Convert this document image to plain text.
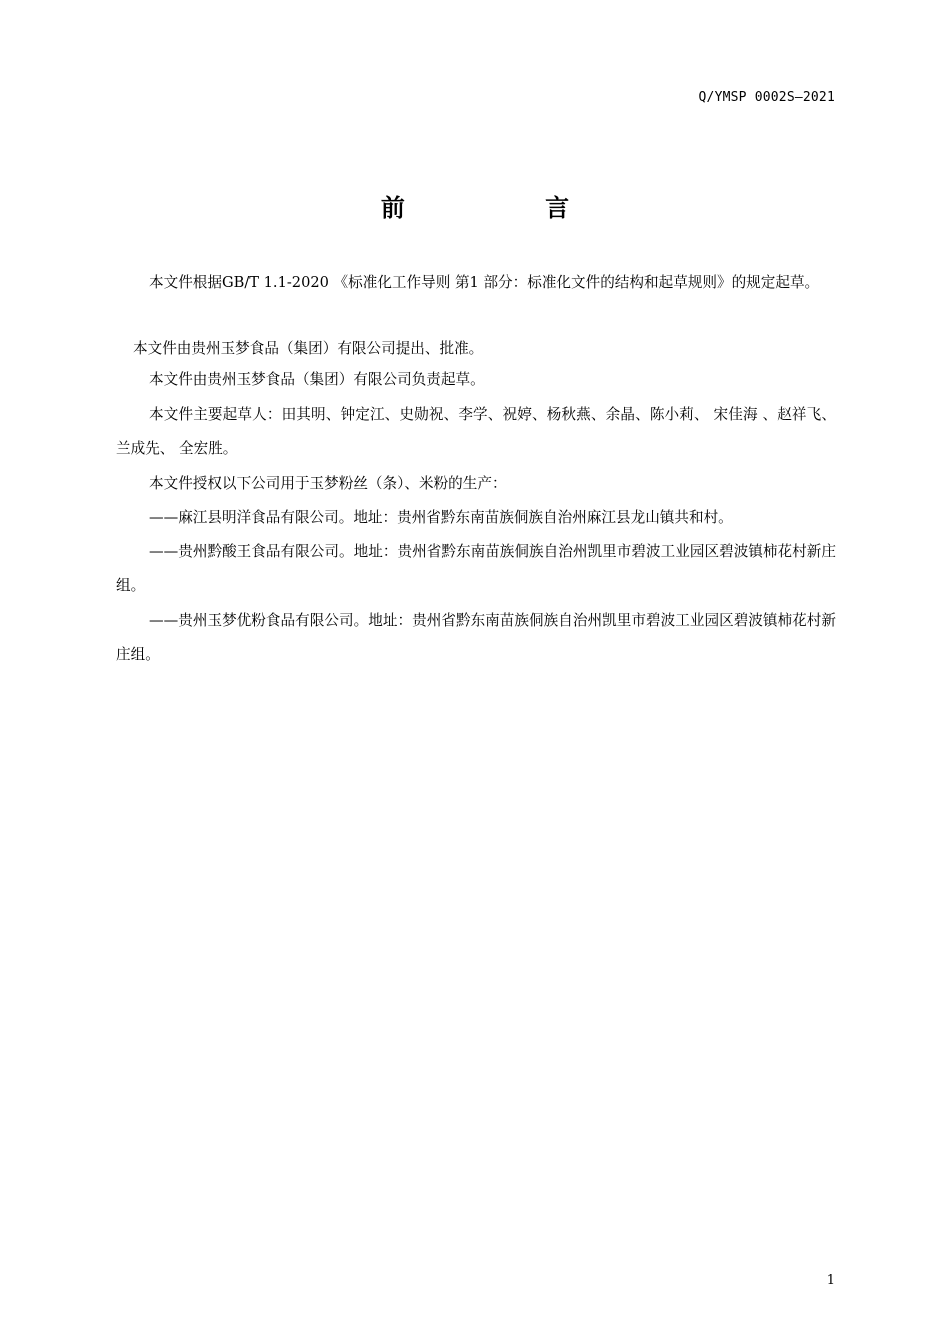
Q/YMSP 0002S—2021
前 言

本文件根据GB/T 1.1-2020 《标准化工作导则 第1 部分：标准化文件的结构和起草规则》的规定起草。

本文件由贵州玉梦食品（集团）有限公司提出、批准。

本文件由贵州玉梦食品（集团）有限公司负责起草。

本文件主要起草人：田其明、钟定江、史勋祝、李学、祝婷、杨秋燕、余晶、陈小莉、 宋佳海 、赵祥飞、兰成先、 全宏胜。

本文件授权以下公司用于玉梦粉丝（条）、米粉的生产：

——麻江县明洋食品有限公司。地址：贵州省黔东南苗族侗族自治州麻江县龙山镇共和村。

——贵州黔酸王食品有限公司。地址：贵州省黔东南苗族侗族自治州凯里市碧波工业园区碧波镇柿花村新庄组。

——贵州玉梦优粉食品有限公司。地址：贵州省黔东南苗族侗族自治州凯里市碧波工业园区碧波镇柿花村新庄组。

1
